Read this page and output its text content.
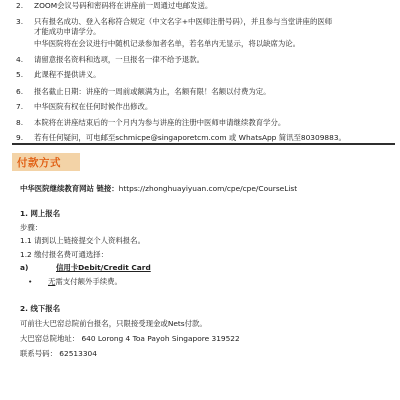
2.	ZOOM会议号码和密码将在讲座前一周通过电邮发送。
3.	只有报名成功、登入名称符合规定（中文名字+中医师注册号码），并且参与当堂讲座的医师
才能成功申请学分。
中华医院将在会议进行中随机记录参加者名单，若名单内无显示，将以缺席为论。
4.	请留意报名资料和选项，一旦报名一律不给予退款。
5.	此课程不提供讲义。
6.	报名截止日期：讲座的一周前或额满为止，名额有限！名额以付费为定。
7.	中华医院有权在任何时候作出修改。
8.	本院将在讲座结束后的一个月内为参与讲座的注册中医师申请继续教育学分。
9.	若有任何疑问，可电邮至schmicpe@singaporetcm.com 或 WhatsApp 简讯至80309883。
付款方式
中华医院继续教育网站 链接：https://zhonghuayiyuan.com/cpe/cpe/CourseList
1. 网上报名
步骤：
1.1 请到以上链接提交个人资料报名。
1.2 缴付报名费可通选择：
a)	信用卡Debit/Credit Card
•	无需支付额外手续费。
2. 线下报名
可前往大巴窑总院前台报名，只限接受现金或Nets付款。
大巴窑总院地址： 640 Lorong 4 Toa Payoh Singapore 319522
联系号码： 62513304
